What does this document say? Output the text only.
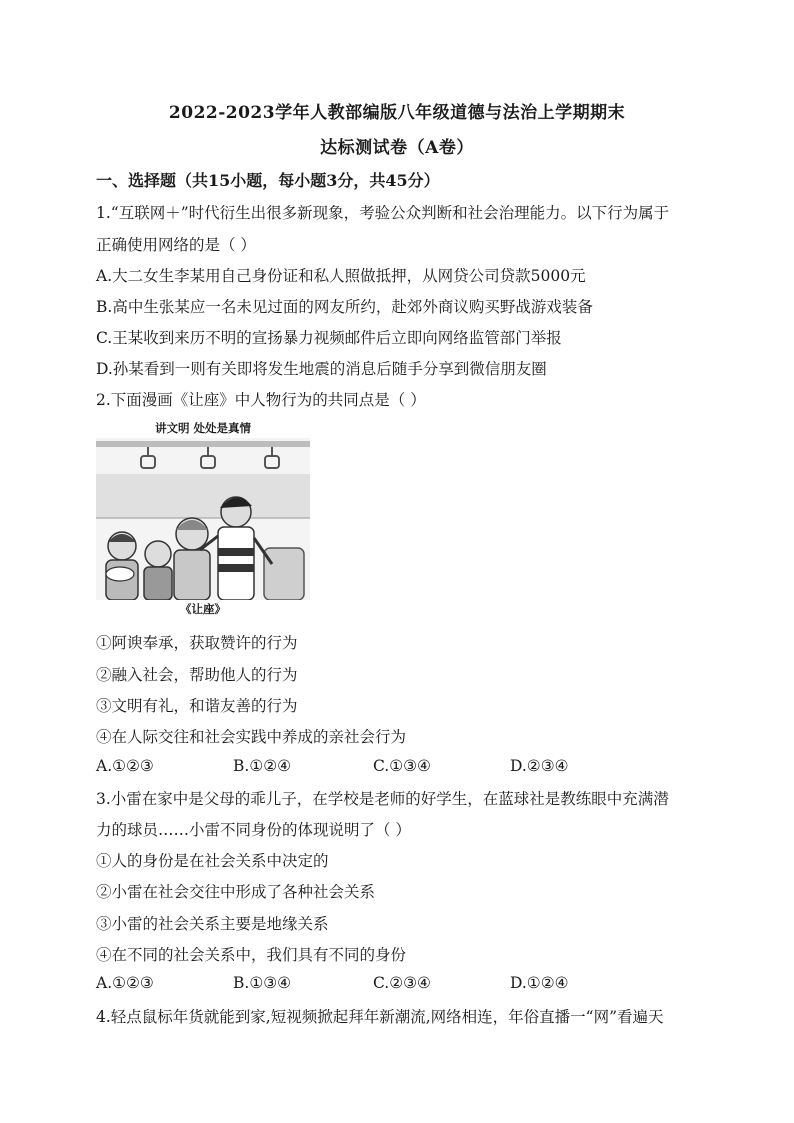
2022-2023学年人教部编版八年级道德与法治上学期期末
达标测试卷（A卷）
一、选择题（共15小题，每小题3分，共45分）
1.“互联网＋”时代衍生出很多新现象，考验公众判断和社会治理能力。以下行为属于
正确使用网络的是（ ）
A.大二女生李某用自己身份证和私人照做抵押，从网贷公司贷款5000元
B.高中生张某应一名未见过面的网友所约，赴郊外商议购买野战游戏装备
C.王某收到来历不明的宣扬暴力视频邮件后立即向网络监管部门举报
D.孙某看到一则有关即将发生地震的消息后随手分享到微信朋友圈
2.下面漫画《让座》中人物行为的共同点是（ ）
讲文明 处处是真情
《让座》
①阿谀奉承，获取赞许的行为
②融入社会，帮助他人的行为
③文明有礼，和谐友善的行为
④在人际交往和社会实践中养成的亲社会行为
A.①②③	B.①②④	C.①③④	D.②③④
3.小雷在家中是父母的乖儿子，在学校是老师的好学生，在蓝球社是教练眼中充满潜
力的球员……小雷不同身份的体现说明了（ ）
①人的身份是在社会关系中决定的
②小雷在社会交往中形成了各种社会关系
③小雷的社会关系主要是地缘关系
④在不同的社会关系中，我们具有不同的身份
A.①②③	B.①③④	C.②③④	D.①②④
4.轻点鼠标年货就能到家,短视频掀起拜年新潮流,网络相连，年俗直播一“网”看遍天
